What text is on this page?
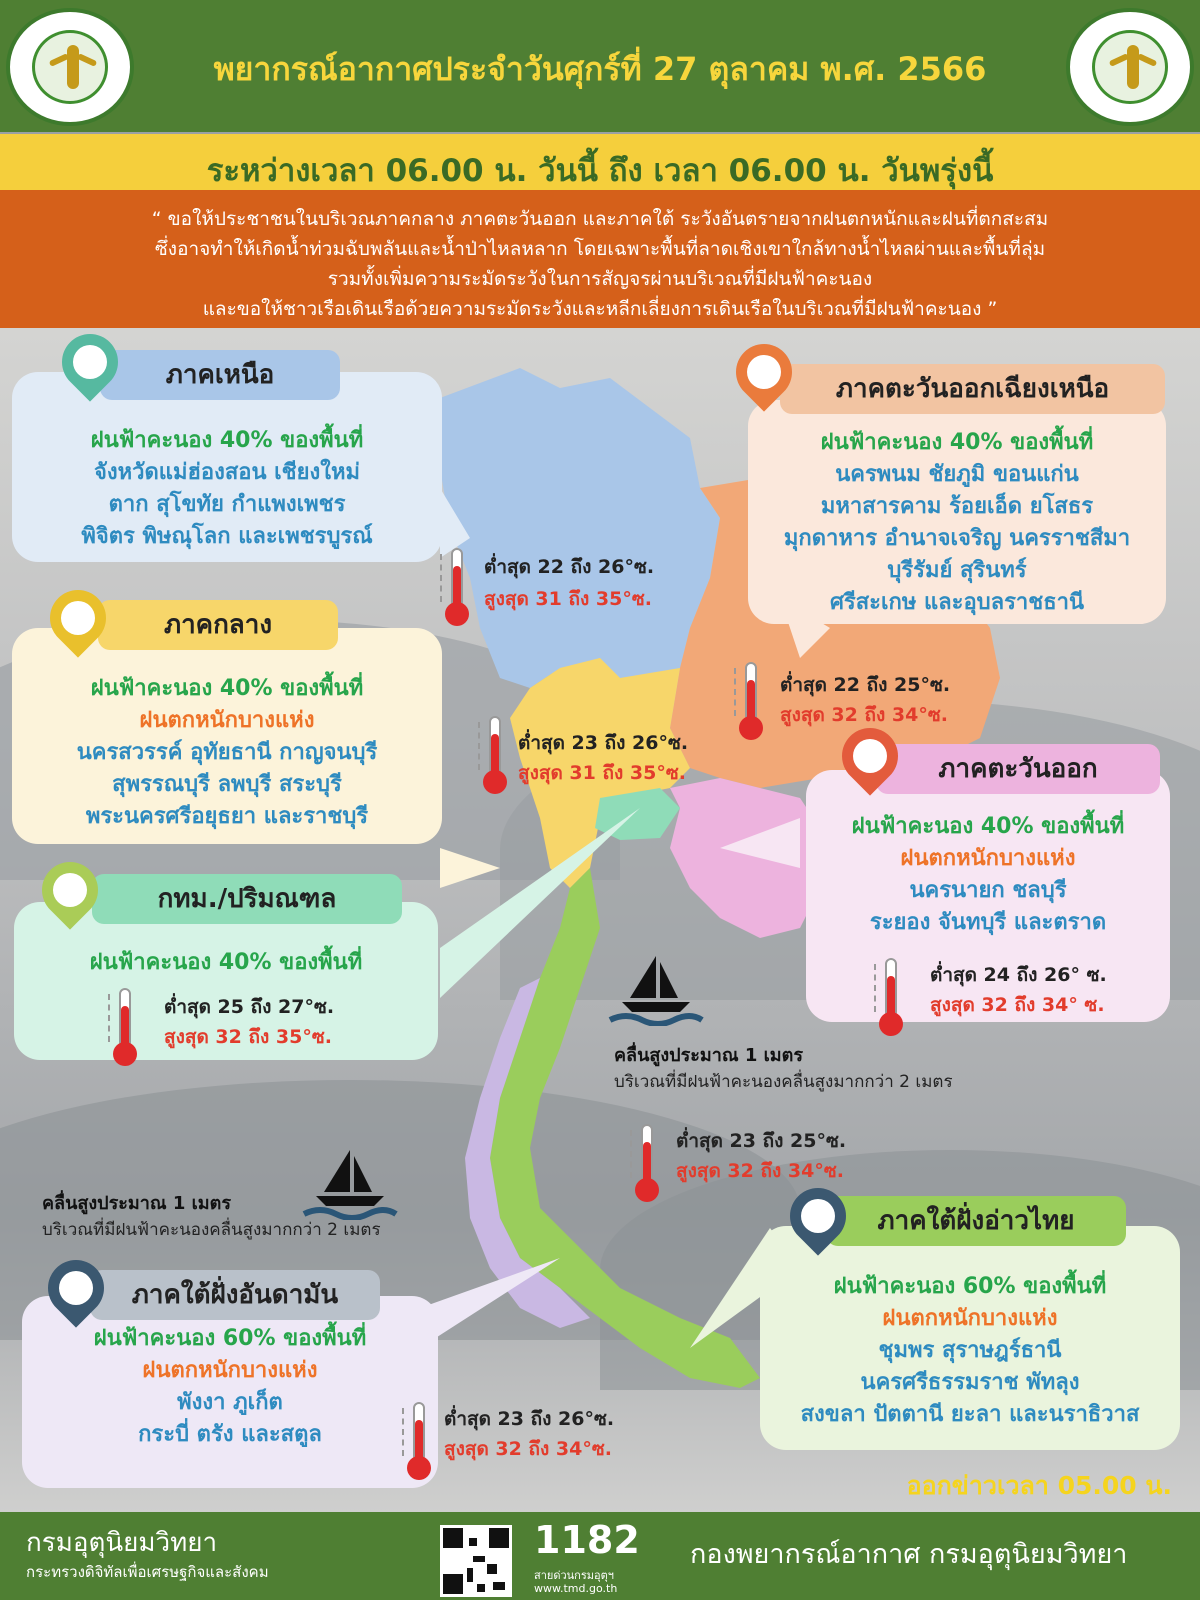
พยากรณ์อากาศประจำวันศุกร์ที่ 27 ตุลาคม พ.ศ. 2566
ระหว่างเวลา 06.00 น. วันนี้ ถึง เวลา 06.00 น. วันพรุ่งนี้
“ ขอให้ประชาชนในบริเวณภาคกลาง ภาคตะวันออก และภาคใต้ ระวังอันตรายจากฝนตกหนักและฝนที่ตกสะสม
ซึ่งอาจทำให้เกิดน้ำท่วมฉับพลันและน้ำป่าไหลหลาก โดยเฉพาะพื้นที่ลาดเชิงเขาใกล้ทางน้ำไหลผ่านและพื้นที่ลุ่ม
รวมทั้งเพิ่มความระมัดระวังในการสัญจรผ่านบริเวณที่มีฝนฟ้าคะนอง
และขอให้ชาวเรือเดินเรือด้วยความระมัดระวังและหลีกเลี่ยงการเดินเรือในบริเวณที่มีฝนฟ้าคะนอง ”
ฝนฟ้าคะนอง 40% ของพื้นที่
จังหวัดแม่ฮ่องสอน เชียงใหม่
ตาก สุโขทัย กำแพงเพชร
พิจิตร พิษณุโลก และเพชรบูรณ์
ภาคเหนือ
ฝนฟ้าคะนอง 40% ของพื้นที่
นครพนม ชัยภูมิ ขอนแก่น
มหาสารคาม ร้อยเอ็ด ยโสธร
มุกดาหาร อำนาจเจริญ นครราชสีมา
บุรีรัมย์ สุรินทร์
ศรีสะเกษ และอุบลราชธานี
ภาคตะวันออกเฉียงเหนือ
ฝนฟ้าคะนอง 40% ของพื้นที่
ฝนตกหนักบางแห่ง
นครสวรรค์ อุทัยธานี กาญจนบุรี
สุพรรณบุรี ลพบุรี สระบุรี
พระนครศรีอยุธยา และราชบุรี
ภาคกลาง
ฝนฟ้าคะนอง 40% ของพื้นที่
ฝนตกหนักบางแห่ง
นครนายก ชลบุรี
ระยอง จันทบุรี และตราด
ภาคตะวันออก
ต่ำสุด 24 ถึง 26° ซ.
สูงสุด 32 ถึง 34° ซ.
ฝนฟ้าคะนอง 40% ของพื้นที่
กทม./ปริมณฑล
ต่ำสุด 25 ถึง 27°ซ.
สูงสุด 32 ถึง 35°ซ.
ฝนฟ้าคะนอง 60% ของพื้นที่
ฝนตกหนักบางแห่ง
ชุมพร สุราษฎร์ธานี
นครศรีธรรมราช พัทลุง
สงขลา ปัตตานี ยะลา และนราธิวาส
ภาคใต้ฝั่งอ่าวไทย
ฝนฟ้าคะนอง 60% ของพื้นที่
ฝนตกหนักบางแห่ง
พังงา ภูเก็ต
กระบี่ ตรัง และสตูล
ภาคใต้ฝั่งอันดามัน
ต่ำสุด 22 ถึง 26°ซ.
สูงสุด 31 ถึง 35°ซ.
ต่ำสุด 22 ถึง 25°ซ.
สูงสุด 32 ถึง 34°ซ.
ต่ำสุด 23 ถึง 26°ซ.
สูงสุด 31 ถึง 35°ซ.
ต่ำสุด 23 ถึง 25°ซ.
สูงสุด 32 ถึง 34°ซ.
ต่ำสุด 23 ถึง 26°ซ.
สูงสุด 32 ถึง 34°ซ.
คลื่นสูงประมาณ 1 เมตร
บริเวณที่มีฝนฟ้าคะนองคลื่นสูงมากกว่า 2 เมตร
คลื่นสูงประมาณ 1 เมตร
บริเวณที่มีฝนฟ้าคะนองคลื่นสูงมากกว่า 2 เมตร
ออกข่าวเวลา 05.00 น.
กรมอุตุนิยมวิทยา
กระทรวงดิจิทัลเพื่อเศรษฐกิจและสังคม
1182
สายด่วนกรมอุตุฯ
www.tmd.go.th
กองพยากรณ์อากาศ กรมอุตุนิยมวิทยา
